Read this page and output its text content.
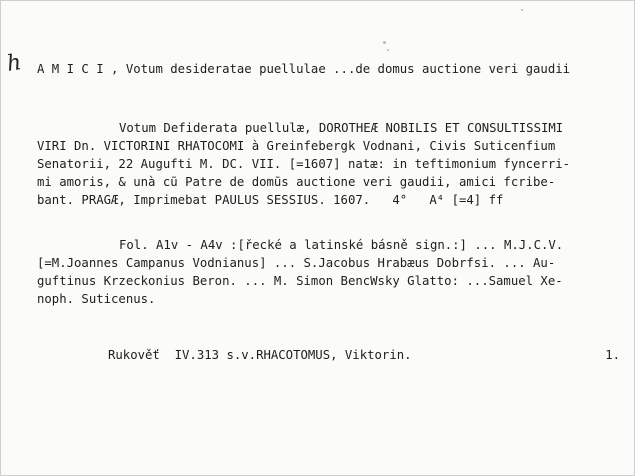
h A M I C I , Votum desideratae puellulae ...de domus auctione veri gaudii
Votum Defiderata puellulæ, DOROTHEÆ NOBILIS ET CONSULTISSIMI
VIRI Dn. VICTORINI RHATOCOMI à Greinfebergk Vodnani, Civis Suticenfium
Senatorii, 22 Augufti M. DC. VII. [=1607] natæ: in teftimonium fyncerri-
mi amoris, & unà cũ Patre de domũs auctione veri gaudii, amici fcribe-
bant. PRAGÆ, Imprimebat PAULUS SESSIUS. 1607.   4°   A⁴ [=4] ff
Fol. A1v - A4v :[řecké a latinské básně sign.:] ... M.J.C.V.
[=M.Joannes Campanus Vodnianus] ... S.Jacobus Hrabæus Dobrfsi. ... Au-
guftinus Krzeckonius Beron. ... M. Simon BencWsky Glatto: ...Samuel Xe-
noph. Suticenus.
Rukověť  IV.313 s.v.RHACOTOMUS, Viktorin.	1.
